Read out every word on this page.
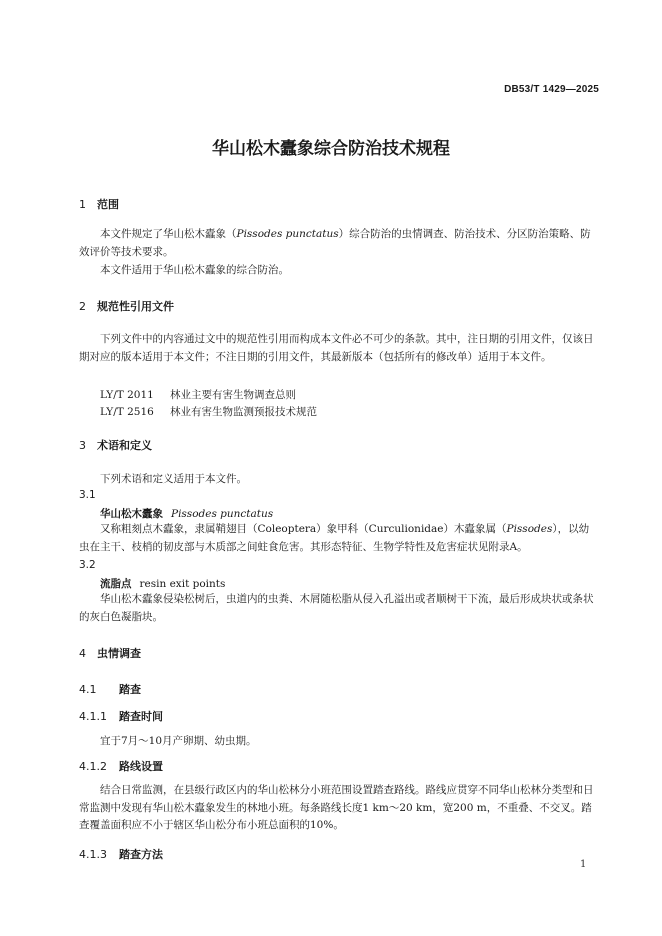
DB53/T 1429—2025
华山松木蠹象综合防治技术规程
1 范围
本文件规定了华山松木蠹象（Pissodes punctatus）综合防治的虫情调查、防治技术、分区防治策略、防效评价等技术要求。
本文件适用于华山松木蠹象的综合防治。
2 规范性引用文件
下列文件中的内容通过文中的规范性引用而构成本文件必不可少的条款。其中，注日期的引用文件，仅该日期对应的版本适用于本文件；不注日期的引用文件，其最新版本（包括所有的修改单）适用于本文件。
LY/T 2011 林业主要有害生物调查总则
LY/T 2516 林业有害生物监测预报技术规范
3 术语和定义
下列术语和定义适用于本文件。
3.1
华山松木蠹象 Pissodes punctatus
又称粗刻点木蠹象，隶属鞘翅目（Coleoptera）象甲科（Curculionidae）木蠹象属（Pissodes），以幼虫在主干、枝梢的韧皮部与木质部之间蛀食危害。其形态特征、生物学特性及危害症状见附录A。
3.2
流脂点 resin exit points
华山松木蠹象侵染松树后，虫道内的虫粪、木屑随松脂从侵入孔溢出或者顺树干下流，最后形成块状或条状的灰白色凝脂块。
4 虫情调查
4.1 踏查
4.1.1 踏查时间
宜于7月～10月产卵期、幼虫期。
4.1.2 路线设置
结合日常监测，在县级行政区内的华山松林分小班范围设置踏查路线。路线应贯穿不同华山松林分类型和日常监测中发现有华山松木蠹象发生的林地小班。每条路线长度1 km～20 km，宽200 m，不重叠、不交叉。踏查覆盖面积应不小于辖区华山松分布小班总面积的10%。
4.1.3 踏查方法
1
